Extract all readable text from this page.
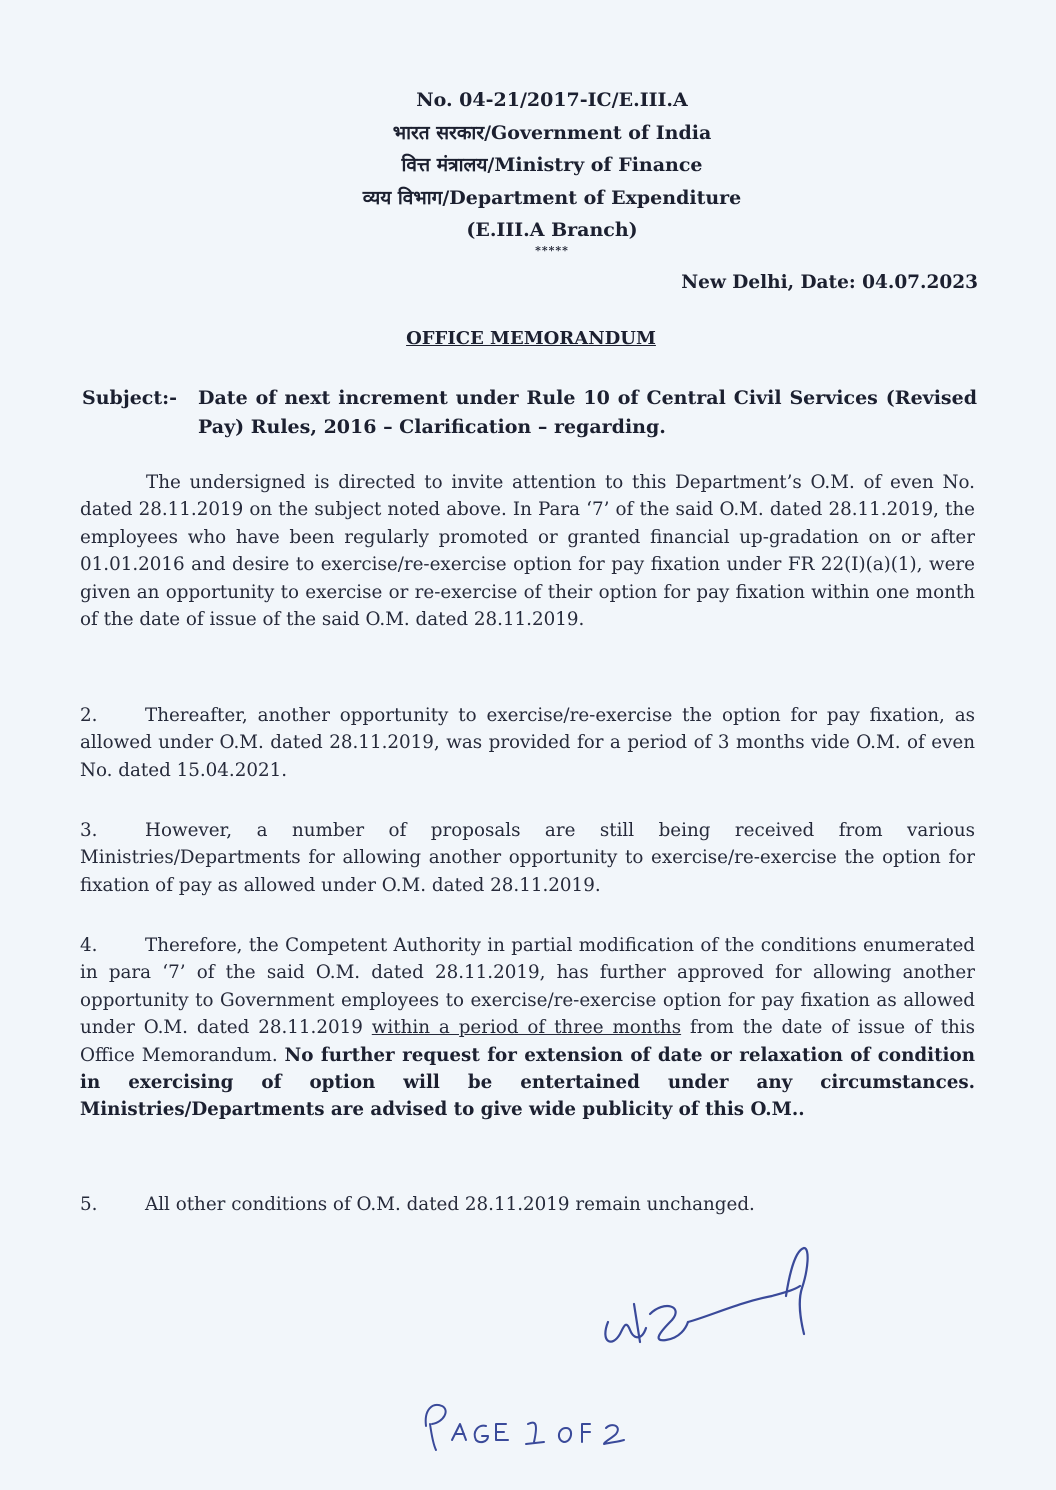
No. 04-21/2017-IC/E.III.A
भारत सरकार/Government of India
वित्त मंत्रालय/Ministry of Finance
व्यय विभाग/Department of Expenditure
(E.III.A Branch)
*****
New Delhi, Date: 04.07.2023
OFFICE MEMORANDUM
Subject:-	Date of next increment under Rule 10 of Central Civil Services (Revised Pay) Rules, 2016 – Clarification – regarding.
The undersigned is directed to invite attention to this Department’s O.M. of even No. dated 28.11.2019 on the subject noted above. In Para ‘7’ of the said O.M. dated 28.11.2019, the employees who have been regularly promoted or granted financial up-gradation on or after 01.01.2016 and desire to exercise/re-exercise option for pay fixation under FR 22(I)(a)(1), were given an opportunity to exercise or re-exercise of their option for pay fixation within one month of the date of issue of the said O.M. dated 28.11.2019.
2.	Thereafter, another opportunity to exercise/re-exercise the option for pay fixation, as allowed under O.M. dated 28.11.2019, was provided for a period of 3 months vide O.M. of even No. dated 15.04.2021.
3.	However, a number of proposals are still being received from various Ministries/Departments for allowing another opportunity to exercise/re-exercise the option for fixation of pay as allowed under O.M. dated 28.11.2019.
4.	Therefore, the Competent Authority in partial modification of the conditions enumerated in para ‘7’ of the said O.M. dated 28.11.2019, has further approved for allowing another opportunity to Government employees to exercise/re-exercise option for pay fixation as allowed under O.M. dated 28.11.2019 within a period of three months from the date of issue of this Office Memorandum. No further request for extension of date or relaxation of condition in exercising of option will be entertained under any circumstances. Ministries/Departments are advised to give wide publicity of this O.M..
5.	All other conditions of O.M. dated 28.11.2019 remain unchanged.
